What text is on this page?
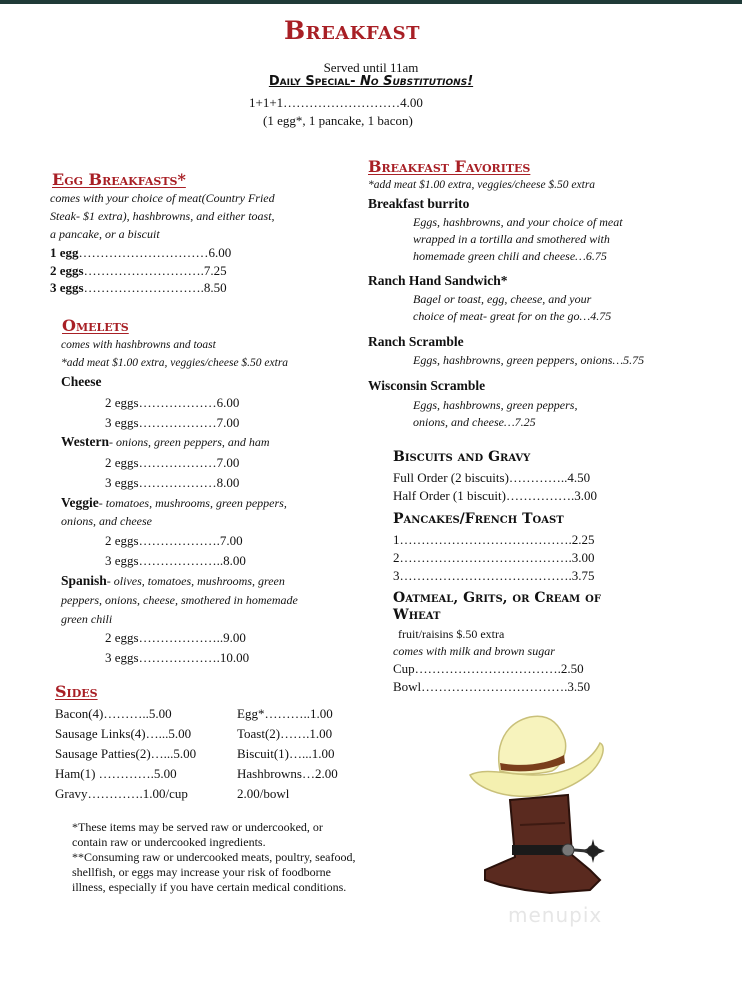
Breakfast
Served until 11am
Daily Special- No Substitutions!
1+1+1………………………4.00
(1 egg*, 1 pancake, 1 bacon)
Egg Breakfasts*
comes with your choice of meat(Country Fried
Steak- $1 extra), hashbrowns, and either toast,
a pancake, or a biscuit
1 egg…………………………6.00
2 eggs……………………….7.25
3 eggs……………………….8.50
Omelets
comes with hashbrowns and toast
*add meat $1.00 extra, veggies/cheese $.50 extra
Cheese
2 eggs………………6.00
3 eggs………………7.00
Western- onions, green peppers, and ham
2 eggs………………7.00
3 eggs………………8.00
Veggie- tomatoes, mushrooms, green peppers,
onions, and cheese
2 eggs……………….7.00
3 eggs………………..8.00
Spanish- olives, tomatoes, mushrooms, green
peppers, onions, cheese, smothered in homemade
green chili
2 eggs………………..9.00
3 eggs……………….10.00
Sides
Bacon(4)………..5.00
Sausage Links(4)…...5.00
Sausage Patties(2)…...5.00
Ham(1) ………….5.00
Gravy………….1.00/cup
Egg*………..1.00
Toast(2)…….1.00
Biscuit(1)…...1.00
Hashbrowns…2.00
2.00/bowl
*These items may be served raw or undercooked, or
contain raw or undercooked ingredients.
**Consuming raw or undercooked meats, poultry, seafood,
shellfish, or eggs may increase your risk of foodborne
illness, especially if you have certain medical conditions.
Breakfast Favorites
*add meat $1.00 extra, veggies/cheese $.50 extra
Breakfast burrito
Eggs, hashbrowns, and your choice of meat
wrapped in a tortilla and smothered with
homemade green chili and cheese…6.75
Ranch Hand Sandwich*
Bagel or toast, egg, cheese, and your
choice of meat- great for on the go…4.75
Ranch Scramble
Eggs, hashbrowns, green peppers, onions…5.75
Wisconsin Scramble
Eggs, hashbrowns, green peppers,
onions, and cheese…7.25
Biscuits and Gravy
Full Order (2 biscuits)…………..4.50
Half Order (1 biscuit)…………….3.00
Pancakes/French Toast
1………………………………….2.25
2………………………………….3.00
3………………………………….3.75
Oatmeal, Grits, or Cream of
Wheat
fruit/raisins $.50 extra
comes with milk and brown sugar
Cup…………………………….2.50
Bowl…………………………….3.50
menupix
